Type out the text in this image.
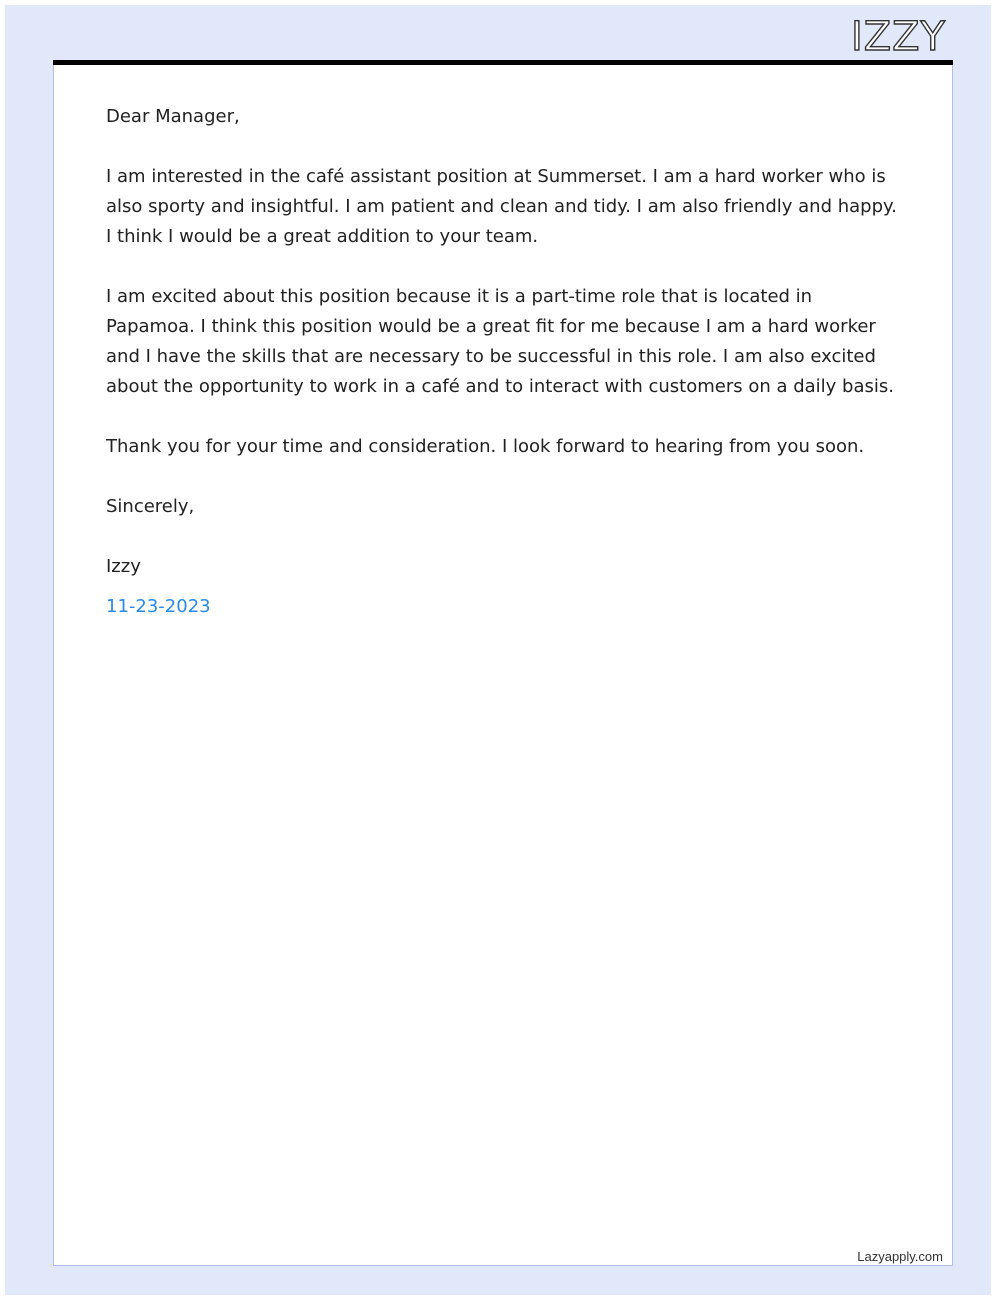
IZZY

Dear Manager,

I am interested in the café assistant position at Summerset. I am a hard worker who is also sporty and insightful. I am patient and clean and tidy. I am also friendly and happy. I think I would be a great addition to your team.

I am excited about this position because it is a part-time role that is located in Papamoa. I think this position would be a great fit for me because I am a hard worker and I have the skills that are necessary to be successful in this role. I am also excited about the opportunity to work in a café and to interact with customers on a daily basis.

Thank you for your time and consideration. I look forward to hearing from you soon.

Sincerely,

Izzy

11-23-2023

Lazyapply.com
